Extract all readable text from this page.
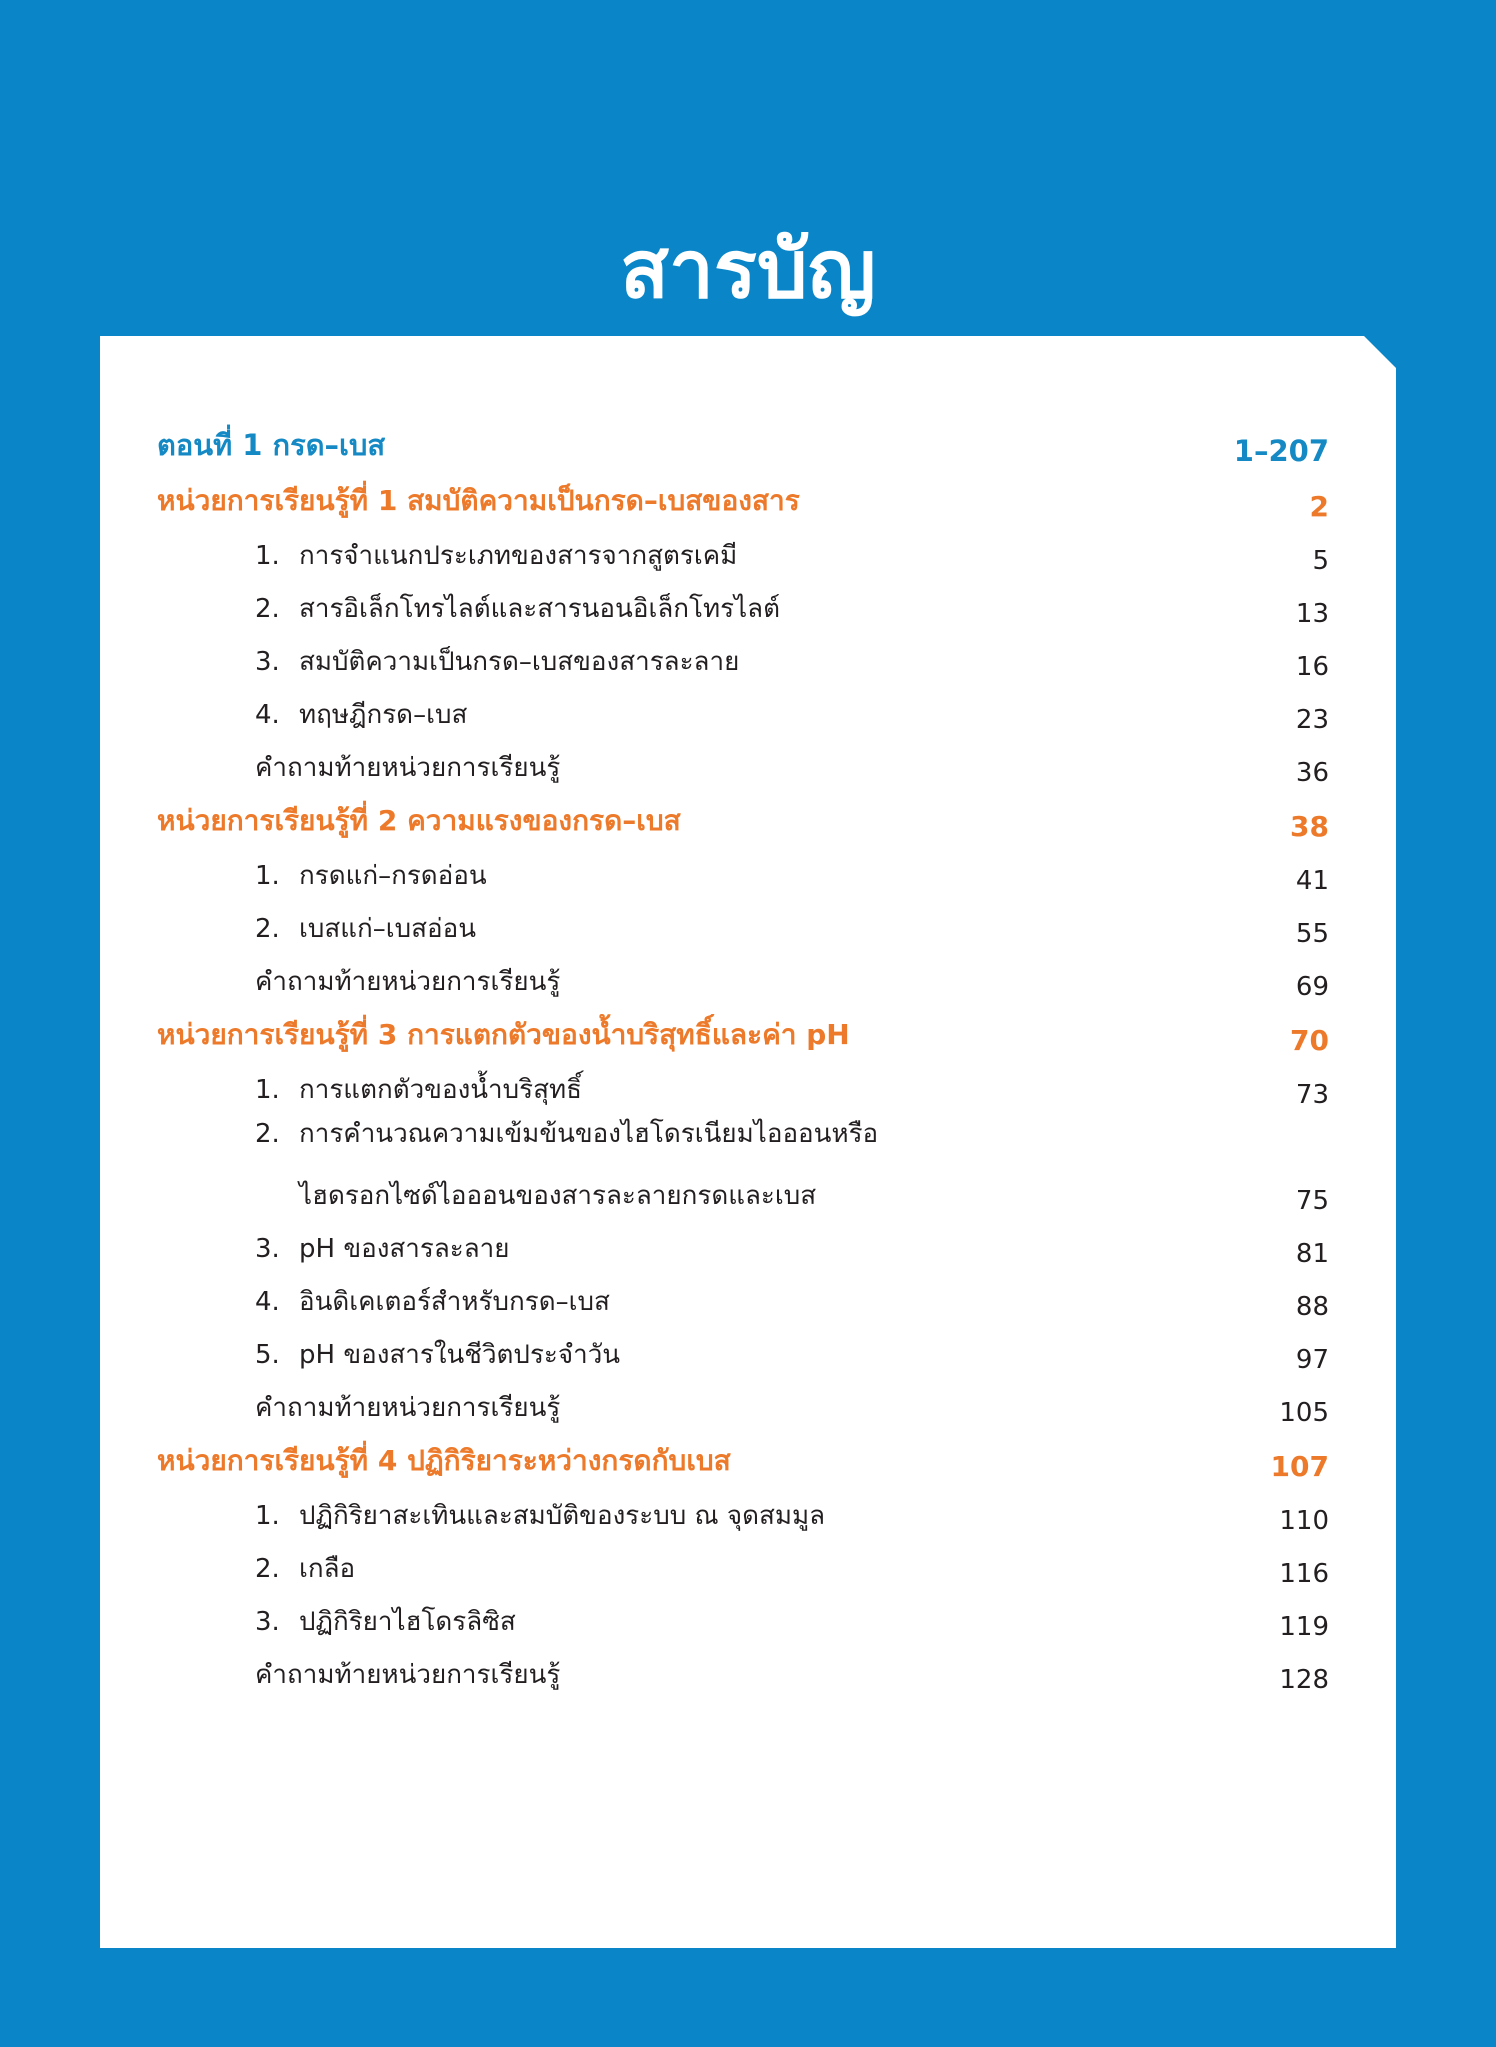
สารบัญ
ตอนที่ 1 กรด–เบส	1–207
หน่วยการเรียนรู้ที่ 1 สมบัติความเป็นกรด–เบสของสาร	2
1. การจำแนกประเภทของสารจากสูตรเคมี	5
2. สารอิเล็กโทรไลต์และสารนอนอิเล็กโทรไลต์	13
3. สมบัติความเป็นกรด–เบสของสารละลาย	16
4. ทฤษฎีกรด–เบส	23
คำถามท้ายหน่วยการเรียนรู้	36
หน่วยการเรียนรู้ที่ 2 ความแรงของกรด–เบส	38
1. กรดแก่–กรดอ่อน	41
2. เบสแก่–เบสอ่อน	55
คำถามท้ายหน่วยการเรียนรู้	69
หน่วยการเรียนรู้ที่ 3 การแตกตัวของน้ำบริสุทธิ์และค่า pH	70
1. การแตกตัวของน้ำบริสุทธิ์	73
2. การคำนวณความเข้มข้นของไฮโดรเนียมไอออนหรือ
ไฮดรอกไซด์ไอออนของสารละลายกรดและเบส	75
3. pH ของสารละลาย	81
4. อินดิเคเตอร์สำหรับกรด–เบส	88
5. pH ของสารในชีวิตประจำวัน	97
คำถามท้ายหน่วยการเรียนรู้	105
หน่วยการเรียนรู้ที่ 4 ปฏิกิริยาระหว่างกรดกับเบส	107
1. ปฏิกิริยาสะเทินและสมบัติของระบบ ณ จุดสมมูล	110
2. เกลือ	116
3. ปฏิกิริยาไฮโดรลิซิส	119
คำถามท้ายหน่วยการเรียนรู้	128
